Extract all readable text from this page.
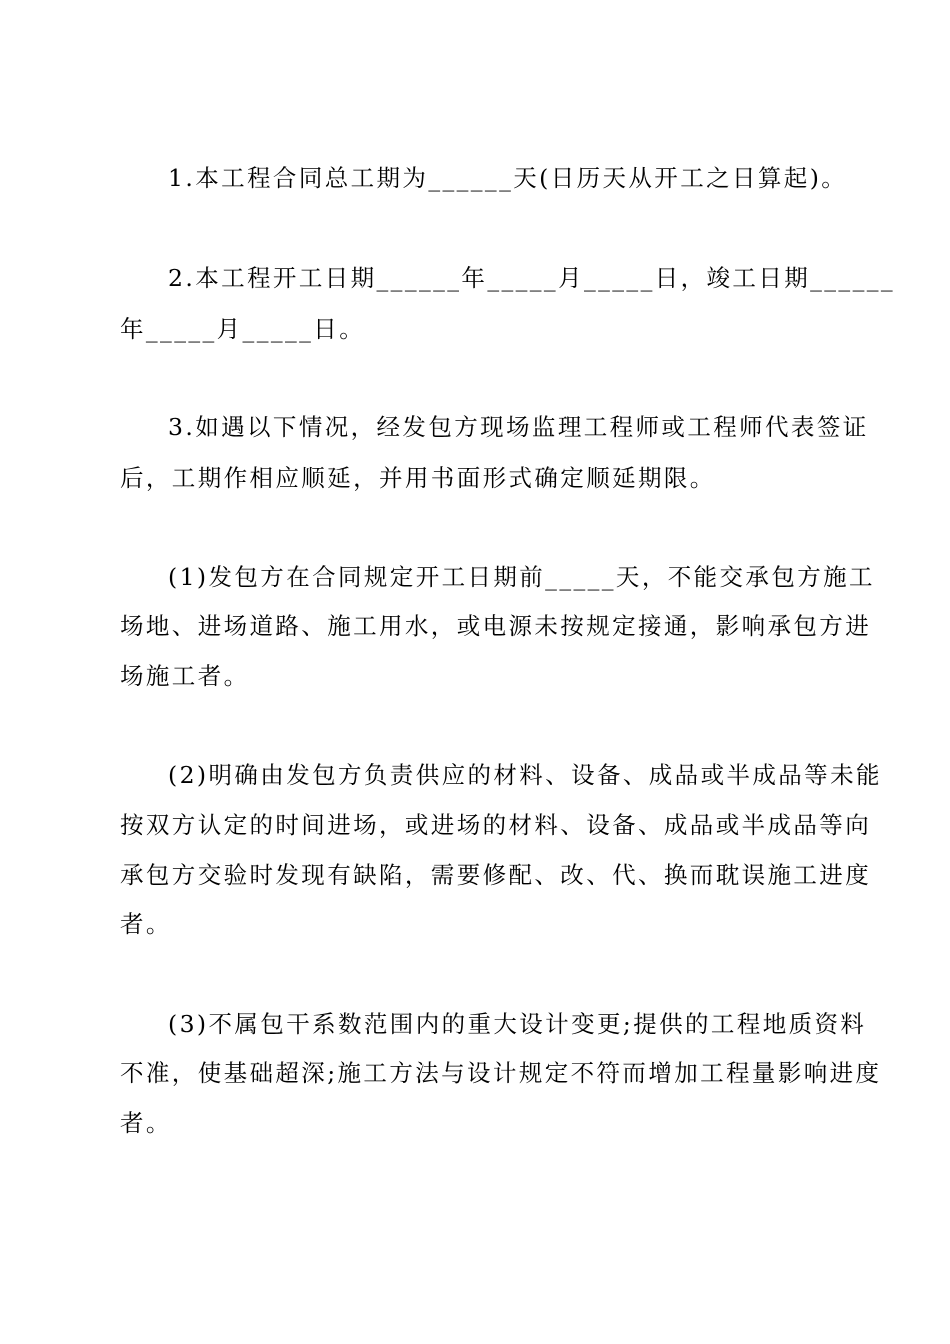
1.本工程合同总工期为______天(日历天从开工之日算起)。
2.本工程开工日期______年_____月_____日，竣工日期______
年_____月_____日。
3.如遇以下情况，经发包方现场监理工程师或工程师代表签证
后，工期作相应顺延，并用书面形式确定顺延期限。
(1)发包方在合同规定开工日期前_____天，不能交承包方施工
场地、进场道路、施工用水，或电源未按规定接通，影响承包方进
场施工者。
(2)明确由发包方负责供应的材料、设备、成品或半成品等未能
按双方认定的时间进场，或进场的材料、设备、成品或半成品等向
承包方交验时发现有缺陷，需要修配、改、代、换而耽误施工进度
者。
(3)不属包干系数范围内的重大设计变更;提供的工程地质资料
不准，使基础超深;施工方法与设计规定不符而增加工程量影响进度
者。
